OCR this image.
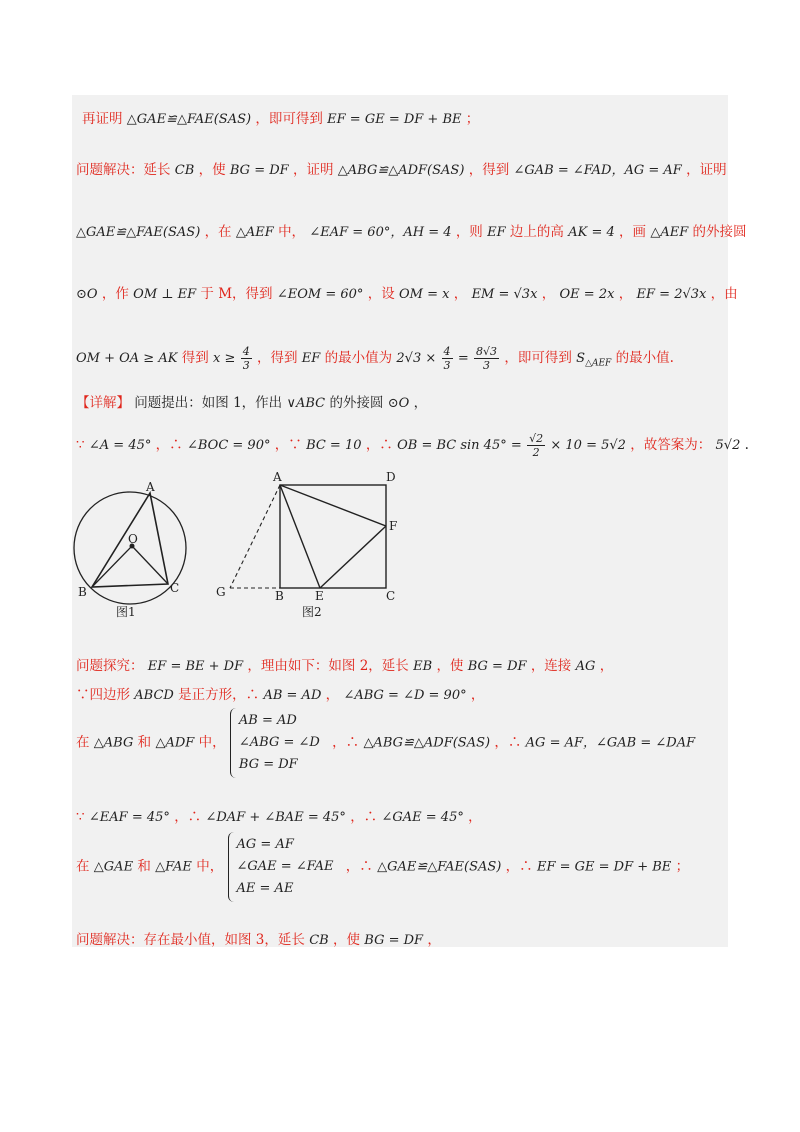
再证明 △GAE≌△FAE(SAS) ，即可得到 EF = GE = DF + BE ；
问题解决：延长 CB ，使 BG = DF ，证明 △ABG≌△ADF(SAS) ，得到 ∠GAB = ∠FAD，AG = AF ，证明
△GAE≌△FAE(SAS) ，在 △AEF 中， ∠EAF = 60°，AH = 4 ，则 EF 边上的高 AK = 4 ，画 △AEF 的外接圆
⊙O ，作 OM ⊥ EF 于 M，得到 ∠EOM = 60° ，设 OM = x ， EM = √3x ， OE = 2x ， EF = 2√3x ，由
OM + OA ≥ AK 得到 $x \ge \frac{4}{3}$ ，得到 EF 的最小值为 $2√3 \times \frac{4}{3} = \frac{8√3}{3}$ ，即可得到 $S_{\triangle AEF}$ 的最小值.
【详解】 问题提出：如图 1，作出 ∨ABC 的外接圆 ⊙O ，
∵ ∠A = 45° ，∴ ∠BOC = 90° ，∵ BC = 10 ，∴ OB = BC $\sin 45^\circ = \frac{√2}{2} \times 10 = 5√2$ ，故答案为： 5√2 .
A
O
B	C
图1
A	D
F
G	B	E	C
图2
问题探究： EF = BE + DF ，理由如下：如图 2，延长 EB ，使 BG = DF ，连接 AG ，
∵四边形 ABCD 是正方形，∴ AB = AD ， ∠ABG = ∠D = 90° ，
在 △ABG 和 △ADF 中，
AB = AD
∠ABG = ∠D
BG = DF
，∴ △ABG≌△ADF(SAS) ，∴ AG = AF，∠GAB = ∠DAF
∵ ∠EAF = 45° ，∴ ∠DAF + ∠BAE = 45° ，∴ ∠GAE = 45° ，
在 △GAE 和 △FAE 中，
AG = AF
∠GAE = ∠FAE
AE = AE
，∴ △GAE≌△FAE(SAS) ，∴ EF = GE = DF + BE ；
问题解决：存在最小值，如图 3，延长 CB ，使 BG = DF ，
